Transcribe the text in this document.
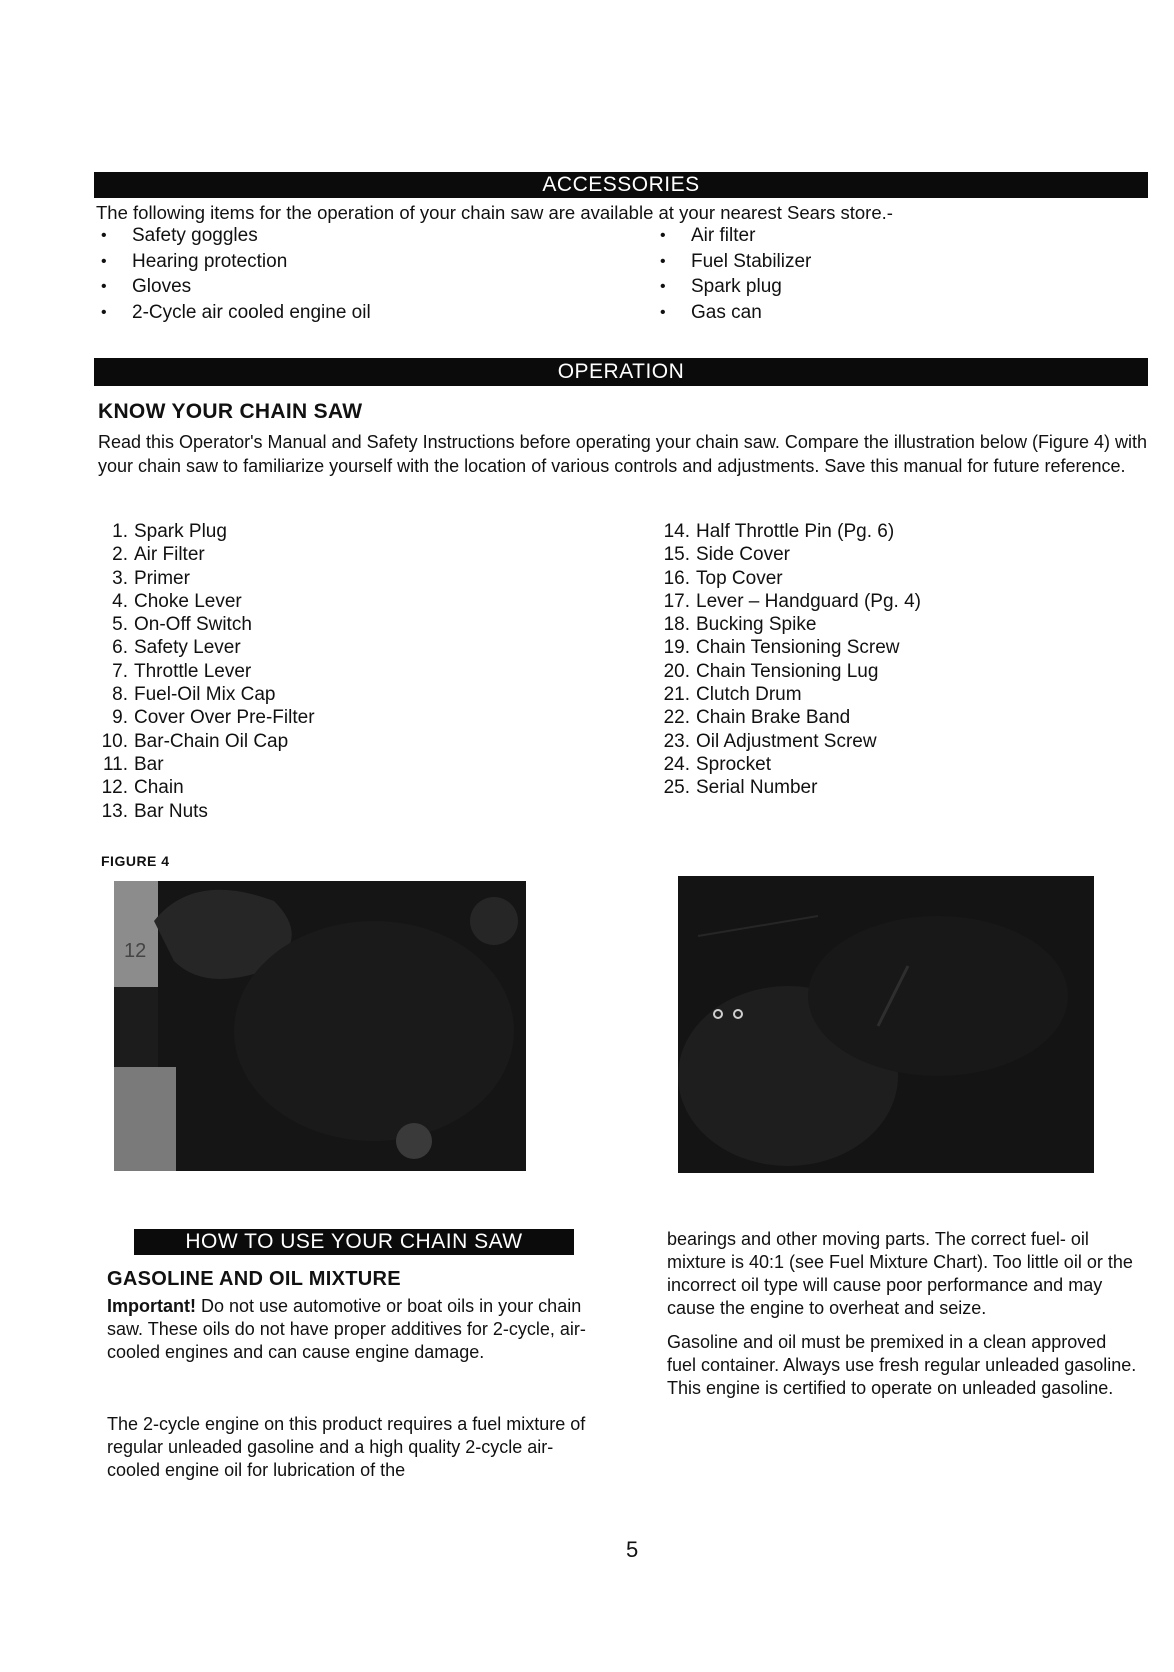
ACCESSORIES
The following items for the operation of your chain saw are available at your nearest Sears store.-
• Safety goggles
• Hearing protection
• Gloves
• 2-Cycle air cooled engine oil
• Air filter
• Fuel Stabilizer
• Spark plug
• Gas can
OPERATION
KNOW YOUR CHAIN SAW
Read this Operator's Manual and Safety Instructions before operating your chain saw. Compare the illustration below (Figure 4) with your chain saw to familiarize yourself with the location of various controls and adjustments. Save this manual for future reference.
1. Spark Plug
2. Air Filter
3. Primer
4. Choke Lever
5. On-Off Switch
6. Safety Lever
7. Throttle Lever
8. Fuel-Oil Mix Cap
9. Cover Over Pre-Filter
10. Bar-Chain Oil Cap
11. Bar
12. Chain
13. Bar Nuts
14. Half Throttle Pin (Pg. 6)
15. Side Cover
16. Top Cover
17. Lever – Handguard (Pg. 4)
18. Bucking Spike
19. Chain Tensioning Screw
20. Chain Tensioning Lug
21. Clutch Drum
22. Chain Brake Band
23. Oil Adjustment Screw
24. Sprocket
25. Serial Number
FIGURE 4
12
HOW TO USE YOUR CHAIN SAW
GASOLINE AND OIL MIXTURE
Important! Do not use automotive or boat oils in your chain saw. These oils do not have proper additives for 2-cycle, air-cooled engines and can cause engine damage.
The 2-cycle engine on this product requires a fuel mixture of regular unleaded gasoline and a high quality 2-cycle air-cooled engine oil for lubrication of the
bearings and other moving parts. The correct fuel- oil mixture is 40:1 (see Fuel Mixture Chart). Too little oil or the incorrect oil type will cause poor performance and may cause the engine to overheat and seize.
Gasoline and oil must be premixed in a clean approved fuel container. Always use fresh regular unleaded gasoline. This engine is certified to operate on unleaded gasoline.
5
